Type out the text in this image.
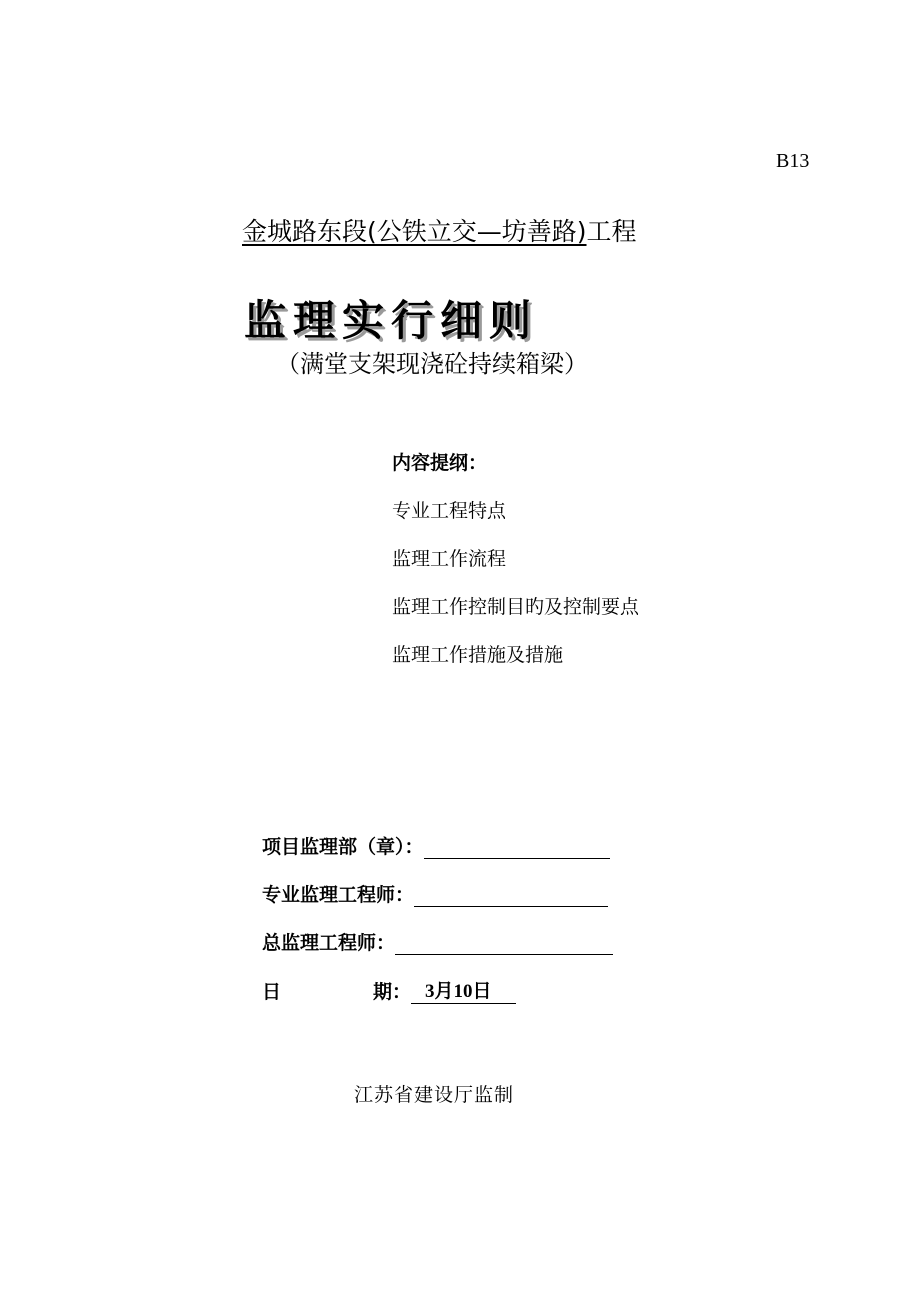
B13
金城路东段(公铁立交—坊善路)工程
监理实行细则
（满堂支架现浇砼持续箱梁）
内容提纲：
专业工程特点
监理工作流程
监理工作控制目旳及控制要点
监理工作措施及措施
项目监理部（章）：
专业监理工程师：
总监理工程师：
日	期： 3月10日
江苏省建设厅监制
